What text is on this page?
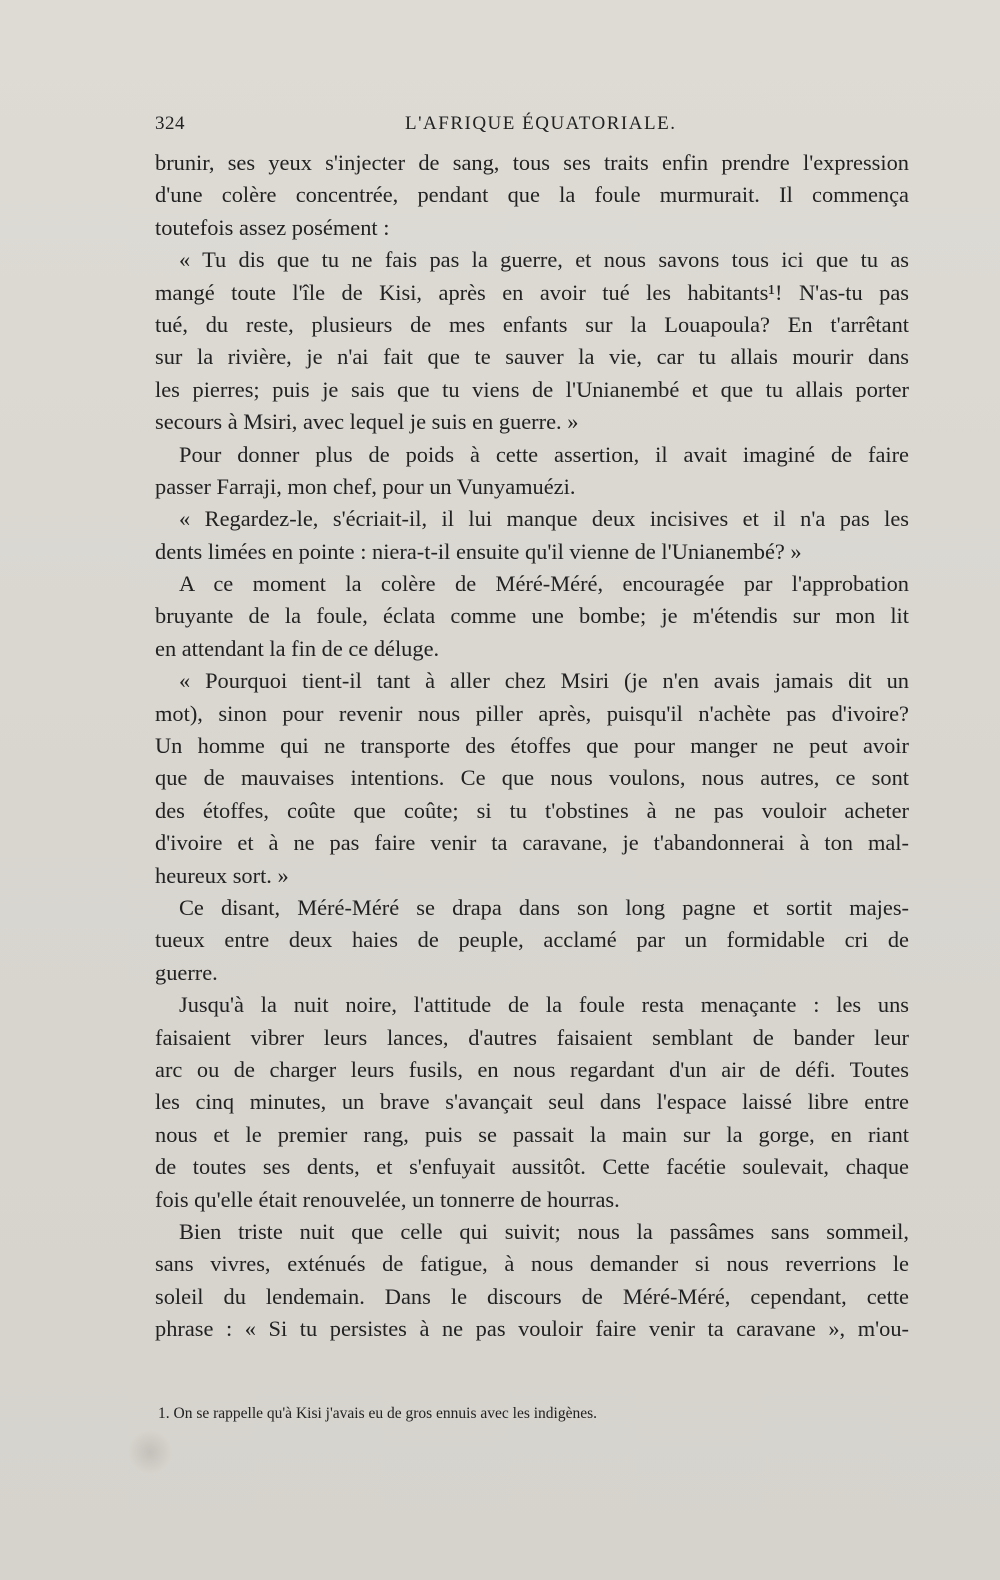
324	L'AFRIQUE ÉQUATORIALE.
brunir, ses yeux s'injecter de sang, tous ses traits enfin prendre l'expression
d'une colère concentrée, pendant que la foule murmurait. Il commença
toutefois assez posément :
« Tu dis que tu ne fais pas la guerre, et nous savons tous ici que tu as
mangé toute l'île de Kisi, après en avoir tué les habitants¹! N'as-tu pas
tué, du reste, plusieurs de mes enfants sur la Louapoula? En t'arrêtant
sur la rivière, je n'ai fait que te sauver la vie, car tu allais mourir dans
les pierres; puis je sais que tu viens de l'Unianembé et que tu allais porter
secours à Msiri, avec lequel je suis en guerre. »
Pour donner plus de poids à cette assertion, il avait imaginé de faire
passer Farraji, mon chef, pour un Vunyamuézi.
« Regardez-le, s'écriait-il, il lui manque deux incisives et il n'a pas les
dents limées en pointe : niera-t-il ensuite qu'il vienne de l'Unianembé? »
A ce moment la colère de Méré-Méré, encouragée par l'approbation
bruyante de la foule, éclata comme une bombe; je m'étendis sur mon lit
en attendant la fin de ce déluge.
« Pourquoi tient-il tant à aller chez Msiri (je n'en avais jamais dit un
mot), sinon pour revenir nous piller après, puisqu'il n'achète pas d'ivoire?
Un homme qui ne transporte des étoffes que pour manger ne peut avoir
que de mauvaises intentions. Ce que nous voulons, nous autres, ce sont
des étoffes, coûte que coûte; si tu t'obstines à ne pas vouloir acheter
d'ivoire et à ne pas faire venir ta caravane, je t'abandonnerai à ton mal-
heureux sort. »
Ce disant, Méré-Méré se drapa dans son long pagne et sortit majes-
tueux entre deux haies de peuple, acclamé par un formidable cri de
guerre.
Jusqu'à la nuit noire, l'attitude de la foule resta menaçante : les uns
faisaient vibrer leurs lances, d'autres faisaient semblant de bander leur
arc ou de charger leurs fusils, en nous regardant d'un air de défi. Toutes
les cinq minutes, un brave s'avançait seul dans l'espace laissé libre entre
nous et le premier rang, puis se passait la main sur la gorge, en riant
de toutes ses dents, et s'enfuyait aussitôt. Cette facétie soulevait, chaque
fois qu'elle était renouvelée, un tonnerre de hourras.
Bien triste nuit que celle qui suivit; nous la passâmes sans sommeil,
sans vivres, exténués de fatigue, à nous demander si nous reverrions le
soleil du lendemain. Dans le discours de Méré-Méré, cependant, cette
phrase : « Si tu persistes à ne pas vouloir faire venir ta caravane », m'ou-
1. On se rappelle qu'à Kisi j'avais eu de gros ennuis avec les indigènes.
